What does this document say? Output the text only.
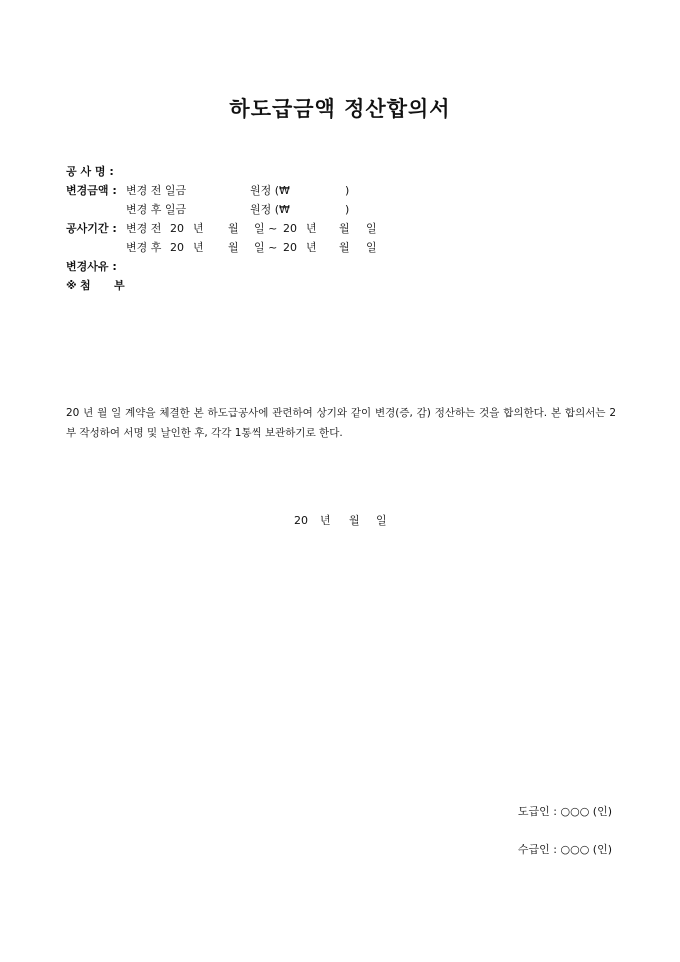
하도급금액 정산합의서
공 사 명 :
변경금액 : 변경 전 일금	원정 (₩	)
변경 후 일금	원정 (₩	)
공사기간 : 변경 전 20 년 월 일 ~ 20 년 월 일
변경 후 20 년 월 일 ~ 20 년 월 일
변경사유 :
※ 첨 부
20 년 월 일 계약을 체결한 본 하도급공사에 관련하여 상기와 같이 변경(증, 감) 정산하는 것을 합의한다. 본 합의서는 2부 작성하여 서명 및 날인한 후, 각각 1통씩 보관하기로 한다.
20 년 월 일
도급인 : ○○○ (인)
수급인 : ○○○ (인)
